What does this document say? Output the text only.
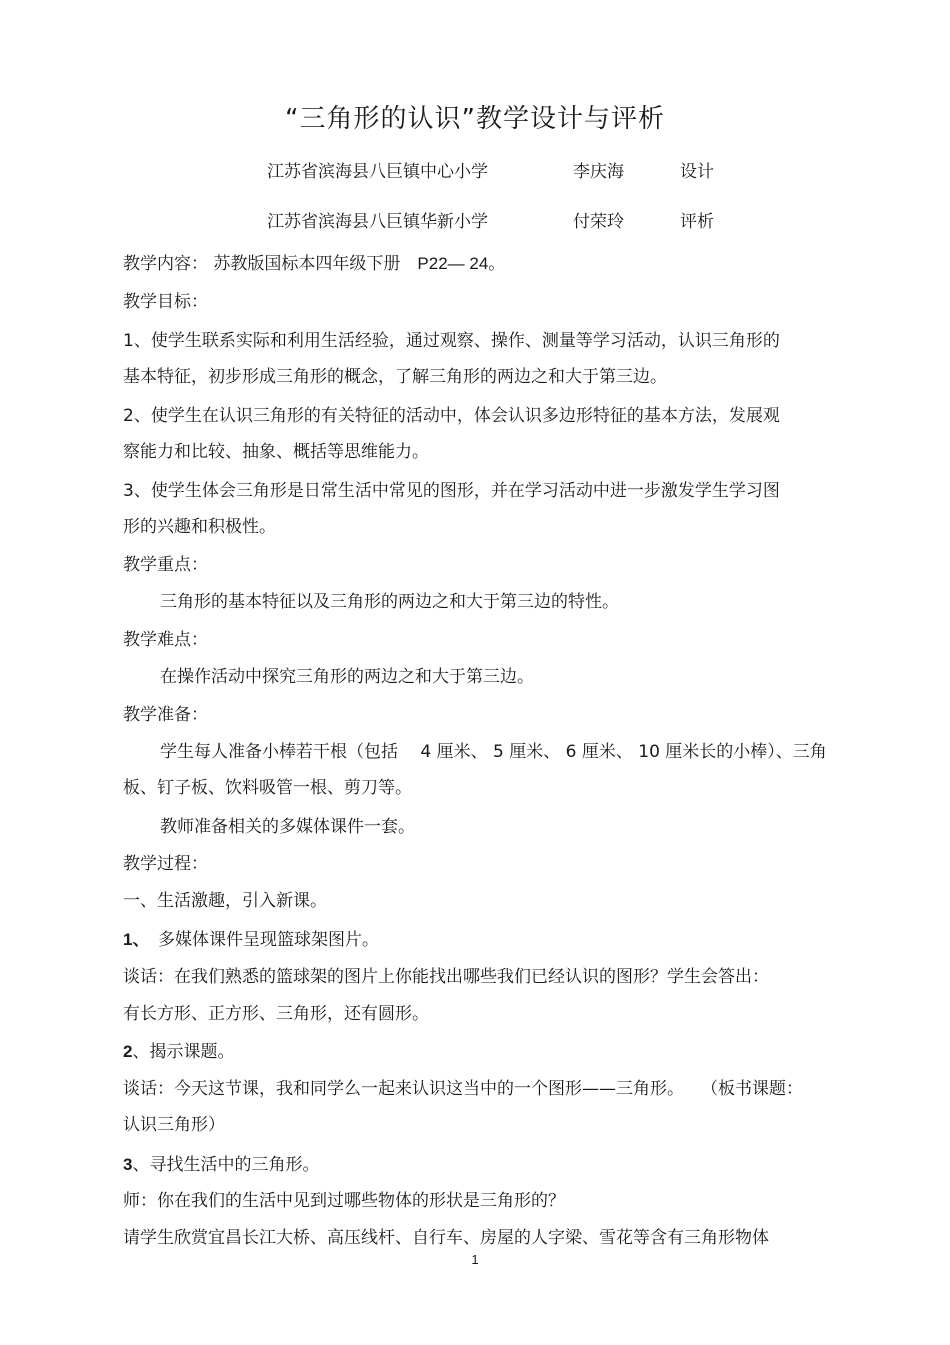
“三角形的认识”教学设计与评析
江苏省滨海县八巨镇中心小学	李庆海	设计
江苏省滨海县八巨镇华新小学	付荣玲	评析
教学内容： 苏教版国标本四年级下册　P22— 24。
教学目标：
1、使学生联系实际和利用生活经验，通过观察、操作、测量等学习活动，认识三角形的
基本特征，初步形成三角形的概念，了解三角形的两边之和大于第三边。
2、使学生在认识三角形的有关特征的活动中，体会认识多边形特征的基本方法，发展观
察能力和比较、抽象、概括等思维能力。
3、使学生体会三角形是日常生活中常见的图形，并在学习活动中进一步激发学生学习图
形的兴趣和积极性。
教学重点：
三角形的基本特征以及三角形的两边之和大于第三边的特性。
教学难点：
在操作活动中探究三角形的两边之和大于第三边。
教学准备：
学生每人准备小棒若干根（包括　 4 厘米、 5 厘米、 6 厘米、 10 厘米长的小棒）、三角
板、钉子板、饮料吸管一根、剪刀等。
教师准备相关的多媒体课件一套。
教学过程：
一、生活激趣，引入新课。
1、　多媒体课件呈现篮球架图片。
谈话：在我们熟悉的篮球架的图片上你能找出哪些我们已经认识的图形？学生会答出：
有长方形、正方形、三角形，还有圆形。
2、揭示课题。
谈话：今天这节课，我和同学么一起来认识这当中的一个图形——三角形。　　（板书课题：
认识三角形）
3、寻找生活中的三角形。
师：你在我们的生活中见到过哪些物体的形状是三角形的？
请学生欣赏宜昌长江大桥、高压线杆、自行车、房屋的人字梁、雪花等含有三角形物体
1
